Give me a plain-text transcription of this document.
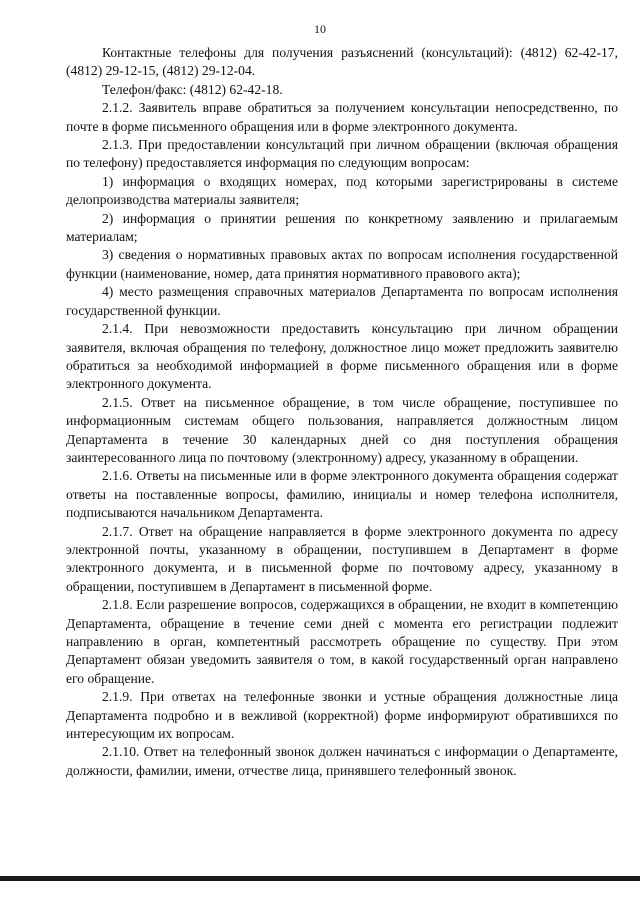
10

Контактные телефоны для получения разъяснений (консультаций): (4812) 62-42-17, (4812) 29-12-15, (4812) 29-12-04.

Телефон/факс: (4812) 62-42-18.

2.1.2. Заявитель вправе обратиться за получением консультации непосредственно, по почте в форме письменного обращения или в форме электронного документа.

2.1.3. При предоставлении консультаций при личном обращении (включая обращения по телефону) предоставляется информация по следующим вопросам:

1) информация о входящих номерах, под которыми зарегистрированы в системе делопроизводства материалы заявителя;

2) информация о принятии решения по конкретному заявлению и прилагаемым материалам;

3) сведения о нормативных правовых актах по вопросам исполнения государственной функции (наименование, номер, дата принятия нормативного правового акта);

4) место размещения справочных материалов Департамента по вопросам исполнения государственной функции.

2.1.4. При невозможности предоставить консультацию при личном обращении заявителя, включая обращения по телефону, должностное лицо может предложить заявителю обратиться за необходимой информацией в форме письменного обращения или в форме электронного документа.

2.1.5. Ответ на письменное обращение, в том числе обращение, поступившее по информационным системам общего пользования, направляется должностным лицом Департамента в течение 30 календарных дней со дня поступления обращения заинтересованного лица по почтовому (электронному) адресу, указанному в обращении.

2.1.6. Ответы на письменные или в форме электронного документа обращения содержат ответы на поставленные вопросы, фамилию, инициалы и номер телефона исполнителя, подписываются начальником Департамента.

2.1.7. Ответ на обращение направляется в форме электронного документа по адресу электронной почты, указанному в обращении, поступившем в Департамент в форме электронного документа, и в письменной форме по почтовому адресу, указанному в обращении, поступившем в Департамент в письменной форме.

2.1.8. Если разрешение вопросов, содержащихся в обращении, не входит в компетенцию Департамента, обращение в течение семи дней с момента его регистрации подлежит направлению в орган, компетентный рассмотреть обращение по существу. При этом Департамент обязан уведомить заявителя о том, в какой государственный орган направлено его обращение.

2.1.9. При ответах на телефонные звонки и устные обращения должностные лица Департамента подробно и в вежливой (корректной) форме информируют обратившихся по интересующим их вопросам.

2.1.10. Ответ на телефонный звонок должен начинаться с информации о Департаменте, должности, фамилии, имени, отчестве лица, принявшего телефонный звонок.
